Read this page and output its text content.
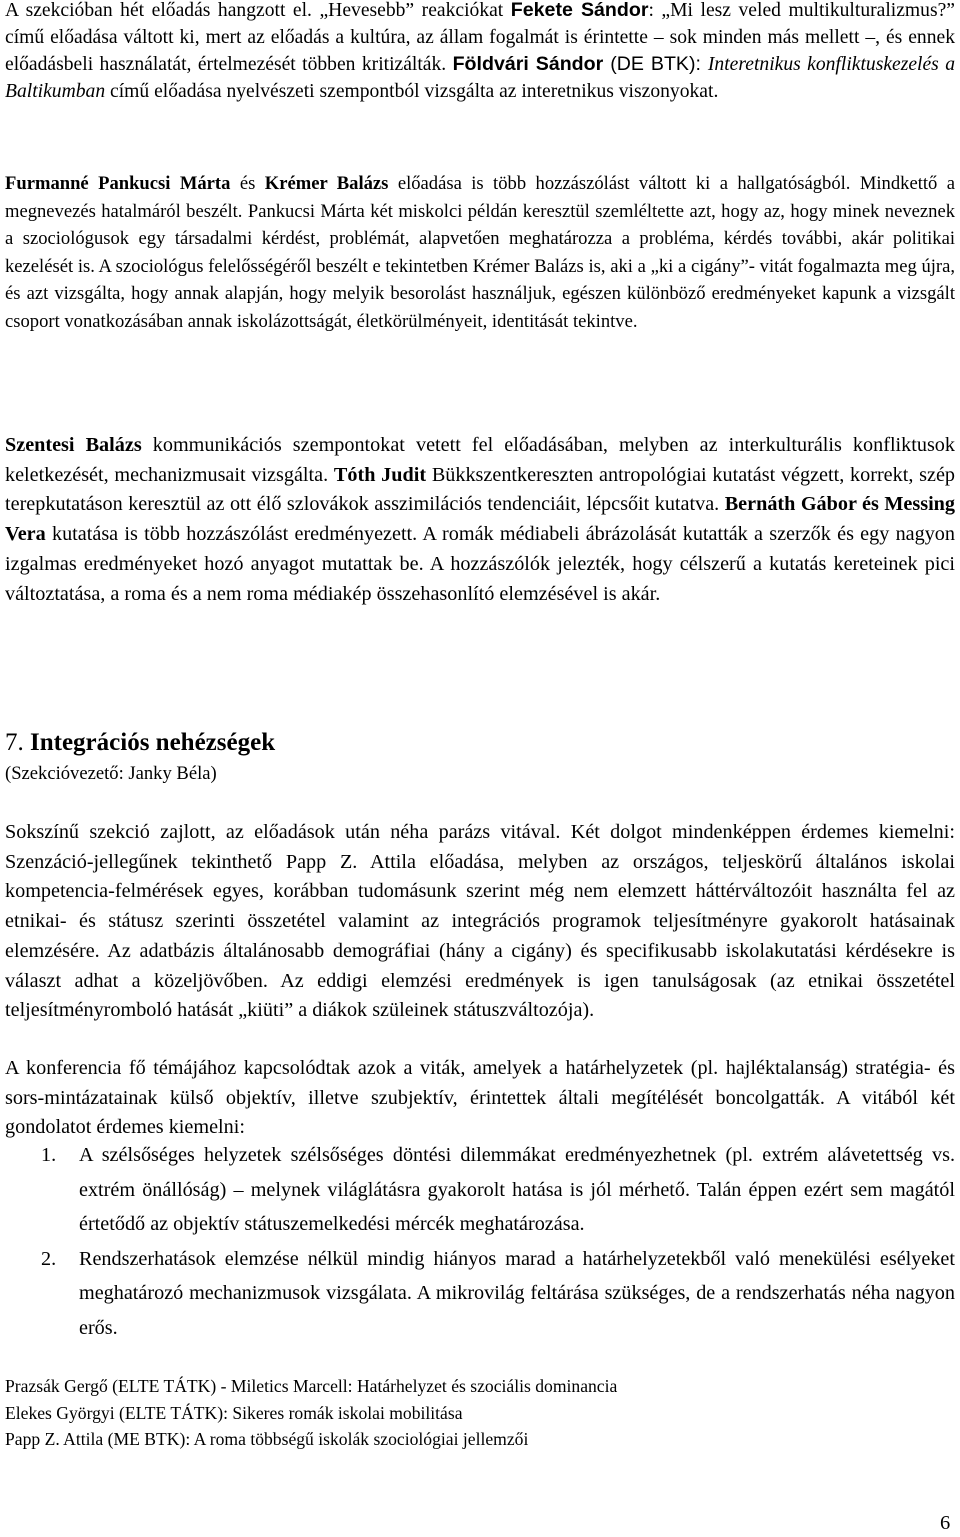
A szekcióban hét előadás hangzott el. „Hevesebb” reakciókat Fekete Sándor: „Mi lesz veled multikulturalizmus?” című előadása váltott ki, mert az előadás a kultúra, az állam fogalmát is érintette – sok minden más mellett –, és ennek előadásbeli használatát, értelmezését többen kritizálták. Földvári Sándor (DE BTK): Interetnikus konfliktuskezelés a Baltikumban című előadása nyelvészeti szempontból vizsgálta az interetnikus viszonyokat.

Furmanné Pankucsi Márta és Krémer Balázs előadása is több hozzászólást váltott ki a hallgatóságból. Mindkettő a megnevezés hatalmáról beszélt. Pankucsi Márta két miskolci példán keresztül szemléltette azt, hogy az, hogy minek neveznek a szociológusok egy társadalmi kérdést, problémát, alapvetően meghatározza a probléma, kérdés további, akár politikai kezelését is. A szociológus felelősségéről beszélt e tekintetben Krémer Balázs is, aki a „ki a cigány”- vitát fogalmazta meg újra, és azt vizsgálta, hogy annak alapján, hogy melyik besorolást használjuk, egészen különböző eredményeket kapunk a vizsgált csoport vonatkozásában annak iskolázottságát, életkörülményeit, identitását tekintve.

Szentesi Balázs kommunikációs szempontokat vetett fel előadásában, melyben az interkulturális konfliktusok keletkezését, mechanizmusait vizsgálta. Tóth Judit Bükkszentkereszten antropológiai kutatást végzett, korrekt, szép terepkutatáson keresztül az ott élő szlovákok asszimilációs tendenciáit, lépcsőit kutatva. Bernáth Gábor és Messing Vera kutatása is több hozzászólást eredményezett. A romák médiabeli ábrázolását kutatták a szerzők és egy nagyon izgalmas eredményeket hozó anyagot mutattak be. A hozzászólók jelezték, hogy célszerű a kutatás kereteinek pici változtatása, a roma és a nem roma médiakép összehasonlító elemzésével is akár.

7. Integrációs nehézségek

(Szekcióvezető: Janky Béla)

Sokszínű szekció zajlott, az előadások után néha parázs vitával. Két dolgot mindenképpen érdemes kiemelni: Szenzáció-jellegűnek tekinthető Papp Z. Attila előadása, melyben az országos, teljeskörű általános iskolai kompetencia-felmérések egyes, korábban tudomásunk szerint még nem elemzett háttérváltozóit használta fel az etnikai- és státusz szerinti összetétel valamint az integrációs programok teljesítményre gyakorolt hatásainak elemzésére. Az adatbázis általánosabb demográfiai (hány a cigány) és specifikusabb iskolakutatási kérdésekre is választ adhat a közeljövőben. Az eddigi elemzési eredmények is igen tanulságosak (az etnikai összetétel teljesítményromboló hatását „kiüti” a diákok szüleinek státuszváltozója).

A konferencia fő témájához kapcsolódtak azok a viták, amelyek a határhelyzetek (pl. hajléktalanság) stratégia- és sors-mintázatainak külső objektív, illetve szubjektív, érintettek általi megítélését boncolgatták. A vitából két gondolatot érdemes kiemelni:

1. A szélsőséges helyzetek szélsőséges döntési dilemmákat eredményezhetnek (pl. extrém alávetettség vs. extrém önállóság) – melynek világlátásra gyakorolt hatása is jól mérhető. Talán éppen ezért sem magától értetődő az objektív státuszemelkedési mércék meghatározása.

2. Rendszerhatások elemzése nélkül mindig hiányos marad a határhelyzetekből való menekülési esélyeket meghatározó mechanizmusok vizsgálata. A mikrovilág feltárása szükséges, de a rendszerhatás néha nagyon erős.

Prazsák Gergő (ELTE TÁTK) - Miletics Marcell: Határhelyzet és szociális dominancia
Elekes Györgyi (ELTE TÁTK): Sikeres romák iskolai mobilitása
Papp Z. Attila (ME BTK): A roma többségű iskolák szociológiai jellemzői
6
